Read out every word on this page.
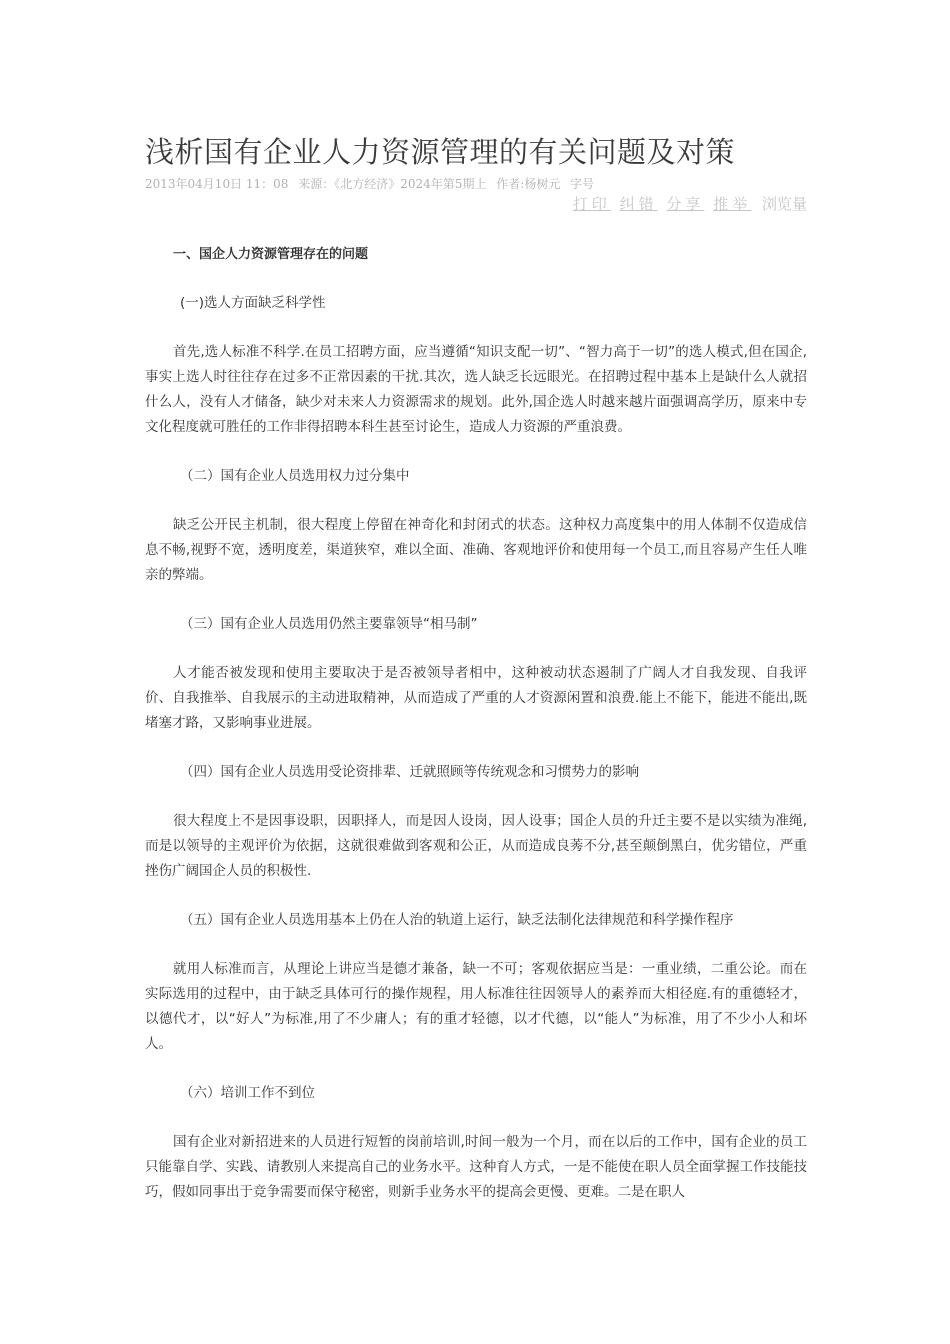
浅析国有企业人力资源管理的有关问题及对策
2013年04月10日 11：08 来源：《北方经济》2024年第5期上 作者:杨树元 字号
打印 纠错 分享 推举 浏览量

一、国企人力资源管理存在的问题

(一)选人方面缺乏科学性

首先,选人标准不科学.在员工招聘方面，应当遵循“知识支配一切”、“智力高于一切”的选人模式,但在国企,事实上选人时往往存在过多不正常因素的干扰.其次，选人缺乏长远眼光。在招聘过程中基本上是缺什么人就招什么人，没有人才储备，缺少对未来人力资源需求的规划。此外,国企选人时越来越片面强调高学历，原来中专文化程度就可胜任的工作非得招聘本科生甚至讨论生，造成人力资源的严重浪费。

（二）国有企业人员选用权力过分集中

缺乏公开民主机制，很大程度上停留在神奇化和封闭式的状态。这种权力高度集中的用人体制不仅造成信息不畅,视野不宽，透明度差，渠道狭窄，难以全面、准确、客观地评价和使用每一个员工,而且容易产生任人唯亲的弊端。

（三）国有企业人员选用仍然主要靠领导“相马制”

人才能否被发现和使用主要取决于是否被领导者相中，这种被动状态遏制了广阔人才自我发现、自我评价、自我推举、自我展示的主动进取精神，从而造成了严重的人才资源闲置和浪费.能上不能下，能进不能出,既堵塞才路，又影响事业进展。

（四）国有企业人员选用受论资排辈、迁就照顾等传统观念和习惯势力的影响

很大程度上不是因事设职，因职择人，而是因人设岗，因人设事；国企人员的升迁主要不是以实绩为准绳,而是以领导的主观评价为依据，这就很难做到客观和公正，从而造成良莠不分,甚至颠倒黑白，优劣错位，严重挫伤广阔国企人员的积极性.

（五）国有企业人员选用基本上仍在人治的轨道上运行，缺乏法制化法律规范和科学操作程序

就用人标准而言，从理论上讲应当是德才兼备，缺一不可；客观依据应当是：一重业绩，二重公论。而在实际选用的过程中，由于缺乏具体可行的操作规程，用人标准往往因领导人的素养而大相径庭.有的重德轻才，以德代才，以“好人”为标准,用了不少庸人；有的重才轻德，以才代德，以“能人”为标准，用了不少小人和坏人。

（六）培训工作不到位

国有企业对新招进来的人员进行短暂的岗前培训,时间一般为一个月，而在以后的工作中，国有企业的员工只能靠自学、实践、请教别人来提高自己的业务水平。这种育人方式，一是不能使在职人员全面掌握工作技能技巧，假如同事出于竞争需要而保守秘密，则新手业务水平的提高会更慢、更难。二是在职人
